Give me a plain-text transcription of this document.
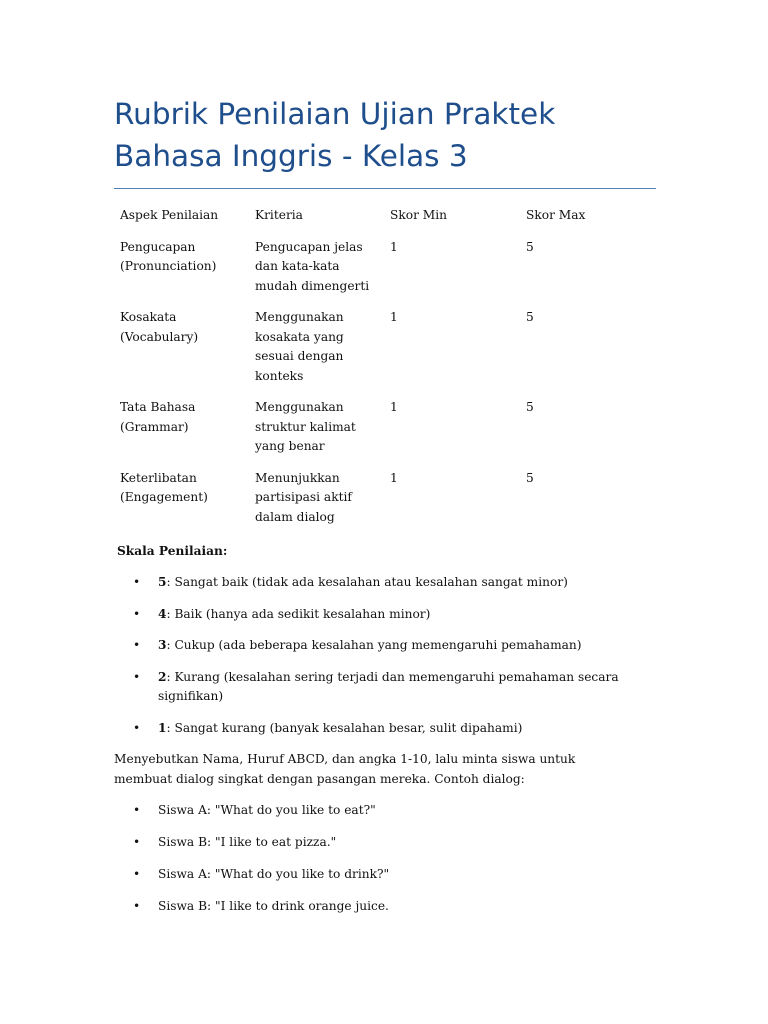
Rubrik Penilaian Ujian Praktek Bahasa Inggris - Kelas 3
Aspek Penilaian	Kriteria	Skor Min	Skor Max
Pengucapan (Pronunciation)	Pengucapan jelas dan kata-kata mudah dimengerti	1	5
Kosakata (Vocabulary)	Menggunakan kosakata yang sesuai dengan konteks	1	5
Tata Bahasa (Grammar)	Menggunakan struktur kalimat yang benar	1	5
Keterlibatan (Engagement)	Menunjukkan partisipasi aktif dalam dialog	1	5
Skala Penilaian:
• 5: Sangat baik (tidak ada kesalahan atau kesalahan sangat minor)
• 4: Baik (hanya ada sedikit kesalahan minor)
• 3: Cukup (ada beberapa kesalahan yang memengaruhi pemahaman)
• 2: Kurang (kesalahan sering terjadi dan memengaruhi pemahaman secara signifikan)
• 1: Sangat kurang (banyak kesalahan besar, sulit dipahami)

Menyebutkan Nama, Huruf ABCD, dan angka 1-10, lalu minta siswa untuk membuat dialog singkat dengan pasangan mereka. Contoh dialog:

• Siswa A: "What do you like to eat?"
• Siswa B: "I like to eat pizza."
• Siswa A: "What do you like to drink?"
• Siswa B: "I like to drink orange juice.
